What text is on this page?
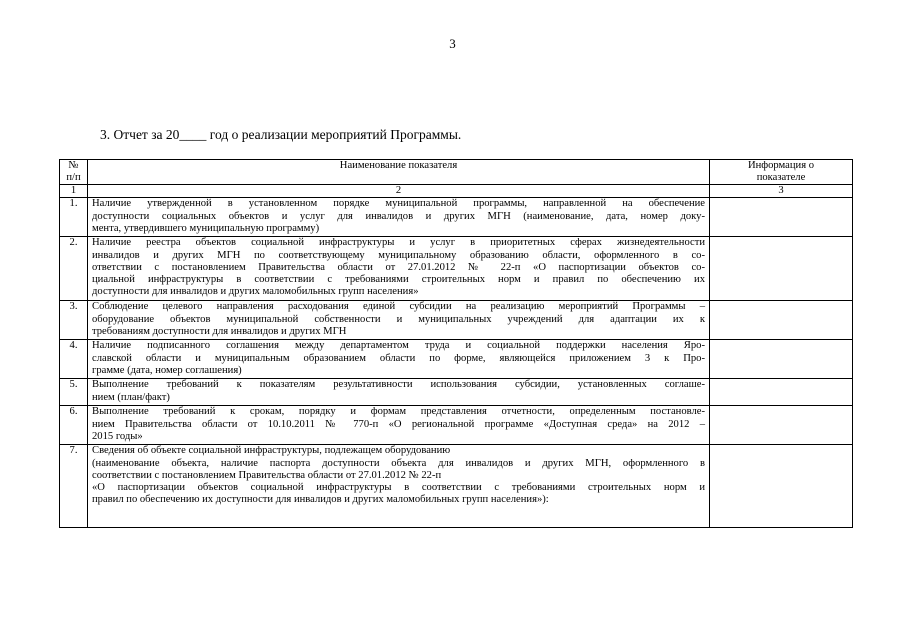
3
3. Отчет за 20____ год о реализации мероприятий Программы.
№
п/п	Наименование показателя	Информация о
показателе

1	2	3
1.	Наличие утвержденной в установленном порядке муниципальной программы, направленной на обеспечение
доступности социальных объектов и услуг для инвалидов и других МГН (наименование, дата, номер доку-
мента, утвердившего муниципальную программу)	

2.	Наличие реестра объектов социальной инфраструктуры и услуг в приоритетных сферах жизнедеятельности
инвалидов и других МГН по соответствующему муниципальному образованию области, оформленного в со-
ответствии с постановлением Правительства области от 27.01.2012 № 22-п «О паспортизации объектов со-
циальной инфраструктуры в соответствии с требованиями строительных норм и правил по обеспечению их
доступности для инвалидов и других маломобильных групп населения»	

3.	Соблюдение целевого направления расходования единой субсидии на реализацию мероприятий Программы –
оборудование объектов муниципальной собственности и муниципальных учреждений для адаптации их к
требованиям доступности для инвалидов и других МГН	

4.	Наличие подписанного соглашения между департаментом труда и социальной поддержки населения Яро-
славской области и муниципальным образованием области по форме, являющейся приложением 3 к Про-
грамме (дата, номер соглашения)	

5.	Выполнение требований к показателям результативности использования субсидии, установленных соглаше-
нием (план/факт)	

6.	Выполнение требований к срокам, порядку и формам представления отчетности, определенным постановле-
нием Правительства области от 10.10.2011 № 770-п «О региональной программе «Доступная среда» на 2012 –
2015 годы»	

7.	Сведения об объекте социальной инфраструктуры, подлежащем оборудованию
(наименование объекта, наличие паспорта доступности объекта для инвалидов и других МГН, оформленного в
соответствии с постановлением Правительства области от 27.01.2012 № 22-п
«О паспортизации объектов социальной инфраструктуры в соответствии с требованиями строительных норм и
правил по обеспечению их доступности для инвалидов и других маломобильных групп населения»):	
